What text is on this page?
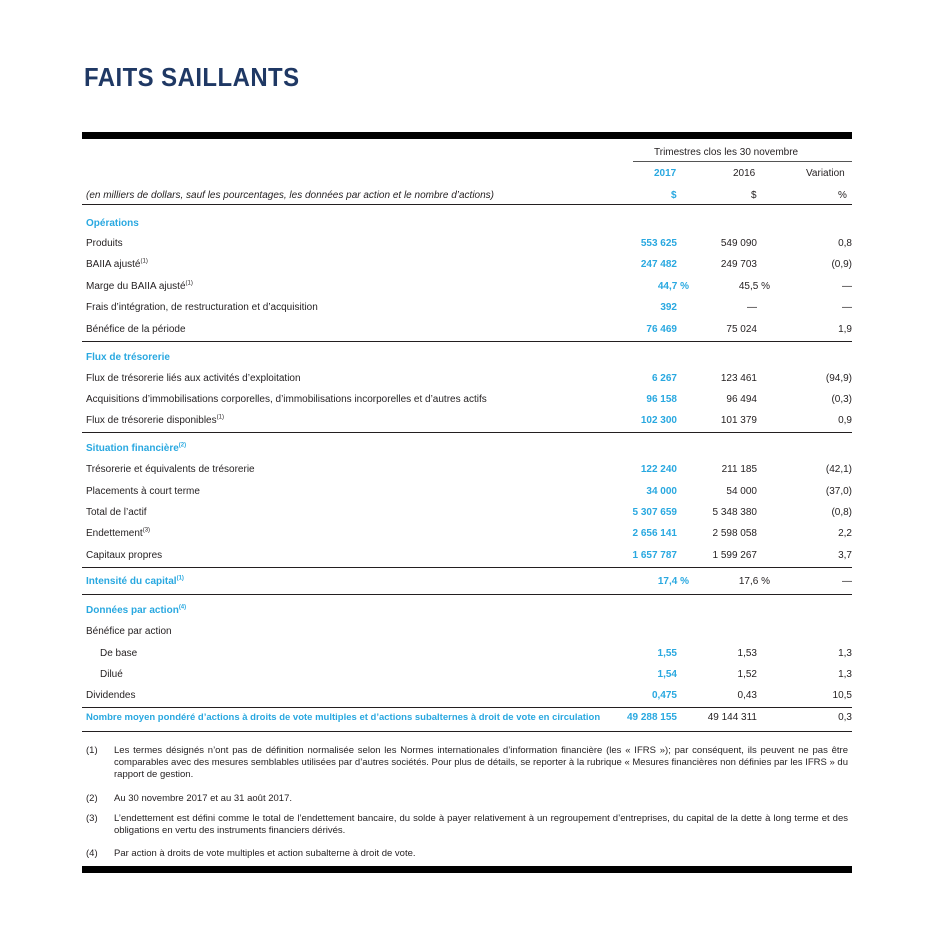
FAITS SAILLANTS
Trimestres clos les 30 novembre
2017	2016	Variation
(en milliers de dollars, sauf les pourcentages, les données par action et le nombre d’actions)	$	$	%
Opérations
Produits	553 625	549 090	0,8
BAIIA ajusté$^{(1)}$	247 482	249 703	(0,9)
Marge du BAIIA ajusté$^{(1)}$	44,7 %	45,5 %	—
Frais d’intégration, de restructuration et d’acquisition	392	—	—
Bénéfice de la période	76 469	75 024	1,9
Flux de trésorerie
Flux de trésorerie liés aux activités d’exploitation	6 267	123 461	(94,9)
Acquisitions d’immobilisations corporelles, d’immobilisations incorporelles et d’autres actifs	96 158	96 494	(0,3)
Flux de trésorerie disponibles$^{(1)}$	102 300	101 379	0,9
Situation financière$^{(2)}$
Trésorerie et équivalents de trésorerie	122 240	211 185	(42,1)
Placements à court terme	34 000	54 000	(37,0)
Total de l’actif	5 307 659	5 348 380	(0,8)
Endettement$^{(3)}$	2 656 141	2 598 058	2,2
Capitaux propres	1 657 787	1 599 267	3,7
Intensité du capital$^{(1)}$	17,4 %	17,6 %	—
Données par action$^{(4)}$
Bénéfice par action
De base	1,55	1,53	1,3
Dilué	1,54	1,52	1,3
Dividendes	0,475	0,43	10,5
Nombre moyen pondéré d’actions à droits de vote multiples et d’actions subalternes à droit de vote en circulation	49 288 155	49 144 311	0,3
(1) Les termes désignés n’ont pas de définition normalisée selon les Normes internationales d’information financière (les « IFRS »); par conséquent, ils peuvent ne pas être comparables avec des mesures semblables utilisées par d’autres sociétés. Pour plus de détails, se reporter à la rubrique « Mesures financières non définies par les IFRS » du rapport de gestion.
(2) Au 30 novembre 2017 et au 31 août 2017.
(3) L’endettement est défini comme le total de l’endettement bancaire, du solde à payer relativement à un regroupement d’entreprises, du capital de la dette à long terme et des obligations en vertu des instruments financiers dérivés.
(4) Par action à droits de vote multiples et action subalterne à droit de vote.
